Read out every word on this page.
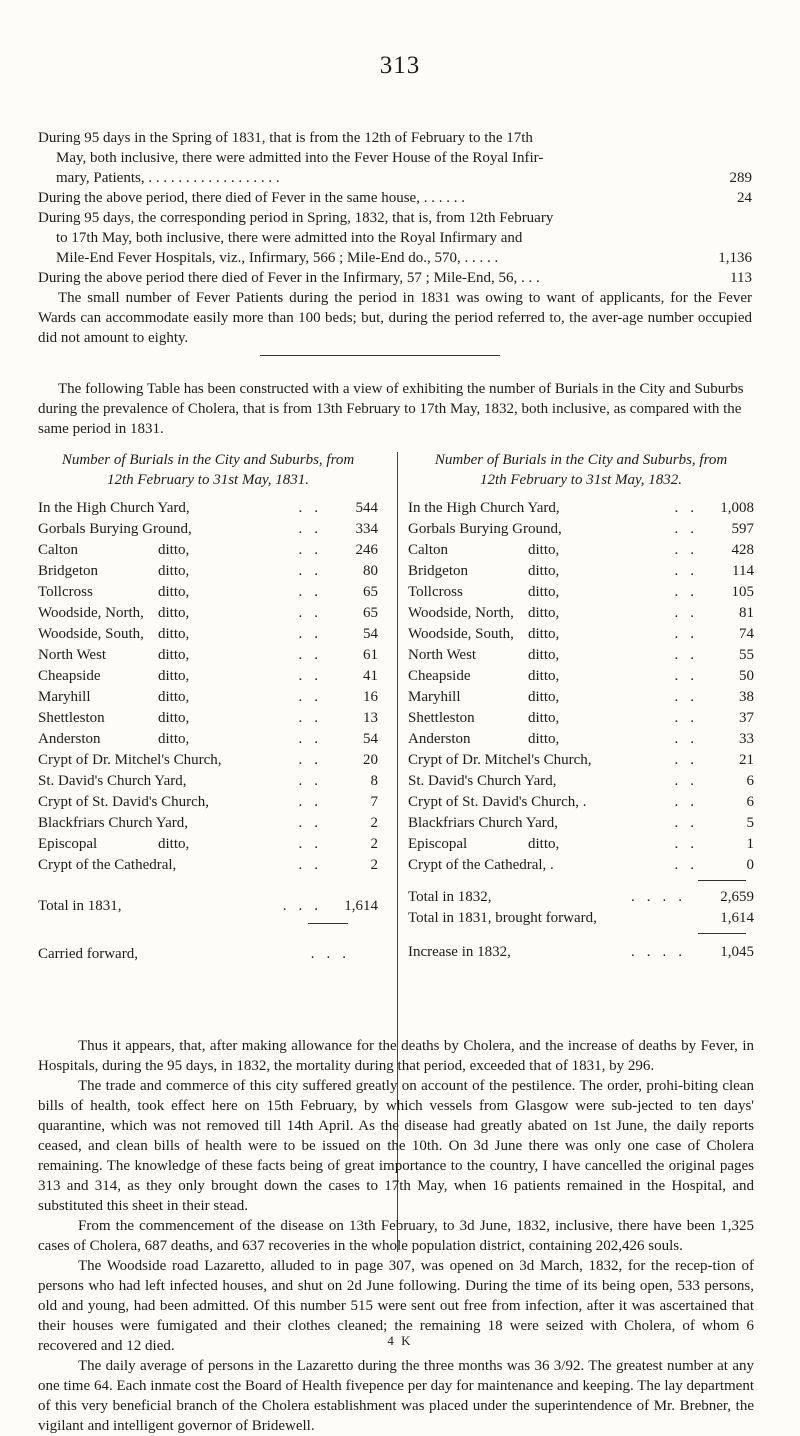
313
During 95 days in the Spring of 1831, that is from the 12th of February to the 17th
May, both inclusive, there were admitted into the Fever House of the Royal Infir-
mary, Patients, . . . . . . . . . . . . . . . . . .	289
During the above period, there died of Fever in the same house, . . . . . .	24
During 95 days, the corresponding period in Spring, 1832, that is, from 12th February
to 17th May, both inclusive, there were admitted into the Royal Infirmary and
Mile-End Fever Hospitals, viz., Infirmary, 566 ; Mile-End do., 570, . . . . .	1,136
During the above period there died of Fever in the Infirmary, 57 ; Mile-End, 56, . . .	113

The small number of Fever Patients during the period in 1831 was owing to want of applicants, for the Fever Wards can accommodate easily more than 100 beds; but, during the period referred to, the aver-age number occupied did not amount to eighty.

The following Table has been constructed with a view of exhibiting the number of Burials in the City and Suburbs during the prevalence of Cholera, that is from 13th February to 17th May, 1832, both inclusive, as compared with the same period in 1831.

Number of Burials in the City and Suburbs, from
12th February to 31st May, 1831.
In the High Church Yard,	.. 544
Gorbals Burying Ground,	.. 334
Calton	ditto,	.. 246
Bridgeton	ditto,	.. 80
Tollcross	ditto,	.. 65
Woodside, North, ditto,	.. 65
Woodside, South, ditto,	.. 54
North West	ditto,	.. 61
Cheapside	ditto,	.. 41
Maryhill	ditto,	.. 16
Shettleston	ditto,	.. 13
Anderston	ditto,	.. 54
Crypt of Dr. Mitchel's Church,	.. 20
St. David's Church Yard,	..	8
Crypt of St. David's Church,	..	7
Blackfriars Church Yard,	..	2
Episcopal	ditto,	..	2
Crypt of the Cathedral,	..	2
Total in 1831,	... 1,614
Carried forward,	...
Number of Burials in the City and Suburbs, from
12th February to 31st May, 1832.
In the High Church Yard,	.. 1,008
Gorbals Burying Ground,	.. 597
Calton	ditto,	.. 428
Bridgeton	ditto,	.. 114
Tollcross	ditto,	.. 105
Woodside, North, ditto,	.. 81
Woodside, South, ditto,	.. 74
North West	ditto,	.. 55
Cheapside	ditto,	.. 50
Maryhill	ditto,	.. 38
Shettleston	ditto,	.. 37
Anderston	ditto,	.. 33
Crypt of Dr. Mitchel's Church,	.. 21
St. David's Church Yard,	..	6
Crypt of St. David's Church, .	..	6
Blackfriars Church Yard,	..	5
Episcopal	ditto,	..	1
Crypt of the Cathedral, .	..	0
Total in 1832,	.... 2,659
Total in 1831, brought forward,	1,614
Increase in 1832,	.... 1,045

Thus it appears, that, after making allowance for the deaths by Cholera, and the increase of deaths by Fever, in Hospitals, during the 95 days, in 1832, the mortality during that period, exceeded that of 1831, by 296.

The trade and commerce of this city suffered greatly on account of the pestilence. The order, prohi-biting clean bills of health, took effect here on 15th February, by which vessels from Glasgow were sub-jected to ten days' quarantine, which was not removed till 14th April. As the disease had greatly abated on 1st June, the daily reports ceased, and clean bills of health were to be issued on the 10th. On 3d June there was only one case of Cholera remaining. The knowledge of these facts being of great importance to the country, I have cancelled the original pages 313 and 314, as they only brought down the cases to 17th May, when 16 patients remained in the Hospital, and substituted this sheet in their stead.

From the commencement of the disease on 13th February, to 3d June, 1832, inclusive, there have been 1,325 cases of Cholera, 687 deaths, and 637 recoveries in the whole population district, containing 202,426 souls.

The Woodside road Lazaretto, alluded to in page 307, was opened on 3d March, 1832, for the recep-tion of persons who had left infected houses, and shut on 2d June following. During the time of its being open, 533 persons, old and young, had been admitted. Of this number 515 were sent out free from infection, after it was ascertained that their houses were fumigated and their clothes cleaned; the remaining 18 were seized with Cholera, of whom 6 recovered and 12 died.

The daily average of persons in the Lazaretto during the three months was 36 3/92. The greatest number at any one time 64. Each inmate cost the Board of Health fivepence per day for maintenance and keeping. The lay department of this very beneficial branch of the Cholera establishment was placed under the superintendence of Mr. Brebner, the vigilant and intelligent governor of Bridewell.

4 K
